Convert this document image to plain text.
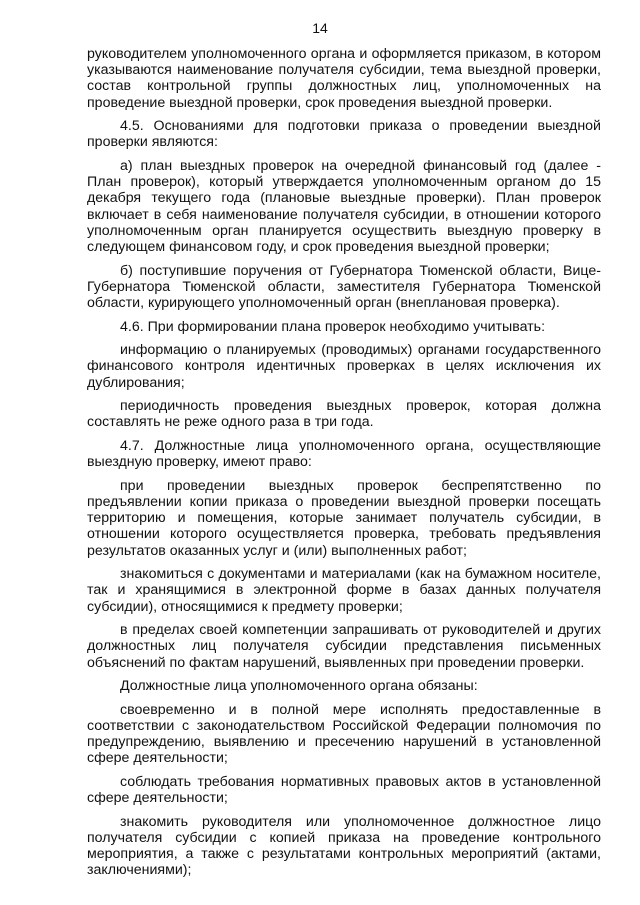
14

руководителем уполномоченного органа и оформляется приказом, в котором указываются наименование получателя субсидии, тема выездной проверки, состав контрольной группы должностных лиц, уполномоченных на проведение выездной проверки, срок проведения выездной проверки.

4.5. Основаниями для подготовки приказа о проведении выездной проверки являются:

а) план выездных проверок на очередной финансовый год (далее - План проверок), который утверждается уполномоченным органом до 15 декабря текущего года (плановые выездные проверки). План проверок включает в себя наименование получателя субсидии, в отношении которого уполномоченным орган планируется осуществить выездную проверку в следующем финансовом году, и срок проведения выездной проверки;

б) поступившие поручения от Губернатора Тюменской области, Вице-Губернатора Тюменской области, заместителя Губернатора Тюменской области, курирующего уполномоченный орган (внеплановая проверка).

4.6. При формировании плана проверок необходимо учитывать:

информацию о планируемых (проводимых) органами государственного финансового контроля идентичных проверках в целях исключения их дублирования;

периодичность проведения выездных проверок, которая должна составлять не реже одного раза в три года.

4.7. Должностные лица уполномоченного органа, осуществляющие выездную проверку, имеют право:

при проведении выездных проверок беспрепятственно по предъявлении копии приказа о проведении выездной проверки посещать территорию и помещения, которые занимает получатель субсидии, в отношении которого осуществляется проверка, требовать предъявления результатов оказанных услуг и (или) выполненных работ;

знакомиться с документами и материалами (как на бумажном носителе, так и хранящимися в электронной форме в базах данных получателя субсидии), относящимися к предмету проверки;

в пределах своей компетенции запрашивать от руководителей и других должностных лиц получателя субсидии представления письменных объяснений по фактам нарушений, выявленных при проведении проверки.

Должностные лица уполномоченного органа обязаны:

своевременно и в полной мере исполнять предоставленные в соответствии с законодательством Российской Федерации полномочия по предупреждению, выявлению и пресечению нарушений в установленной сфере деятельности;

соблюдать требования нормативных правовых актов в установленной сфере деятельности;

знакомить руководителя или уполномоченное должностное лицо получателя субсидии с копией приказа на проведение контрольного мероприятия, а также с результатами контрольных мероприятий (актами, заключениями);
